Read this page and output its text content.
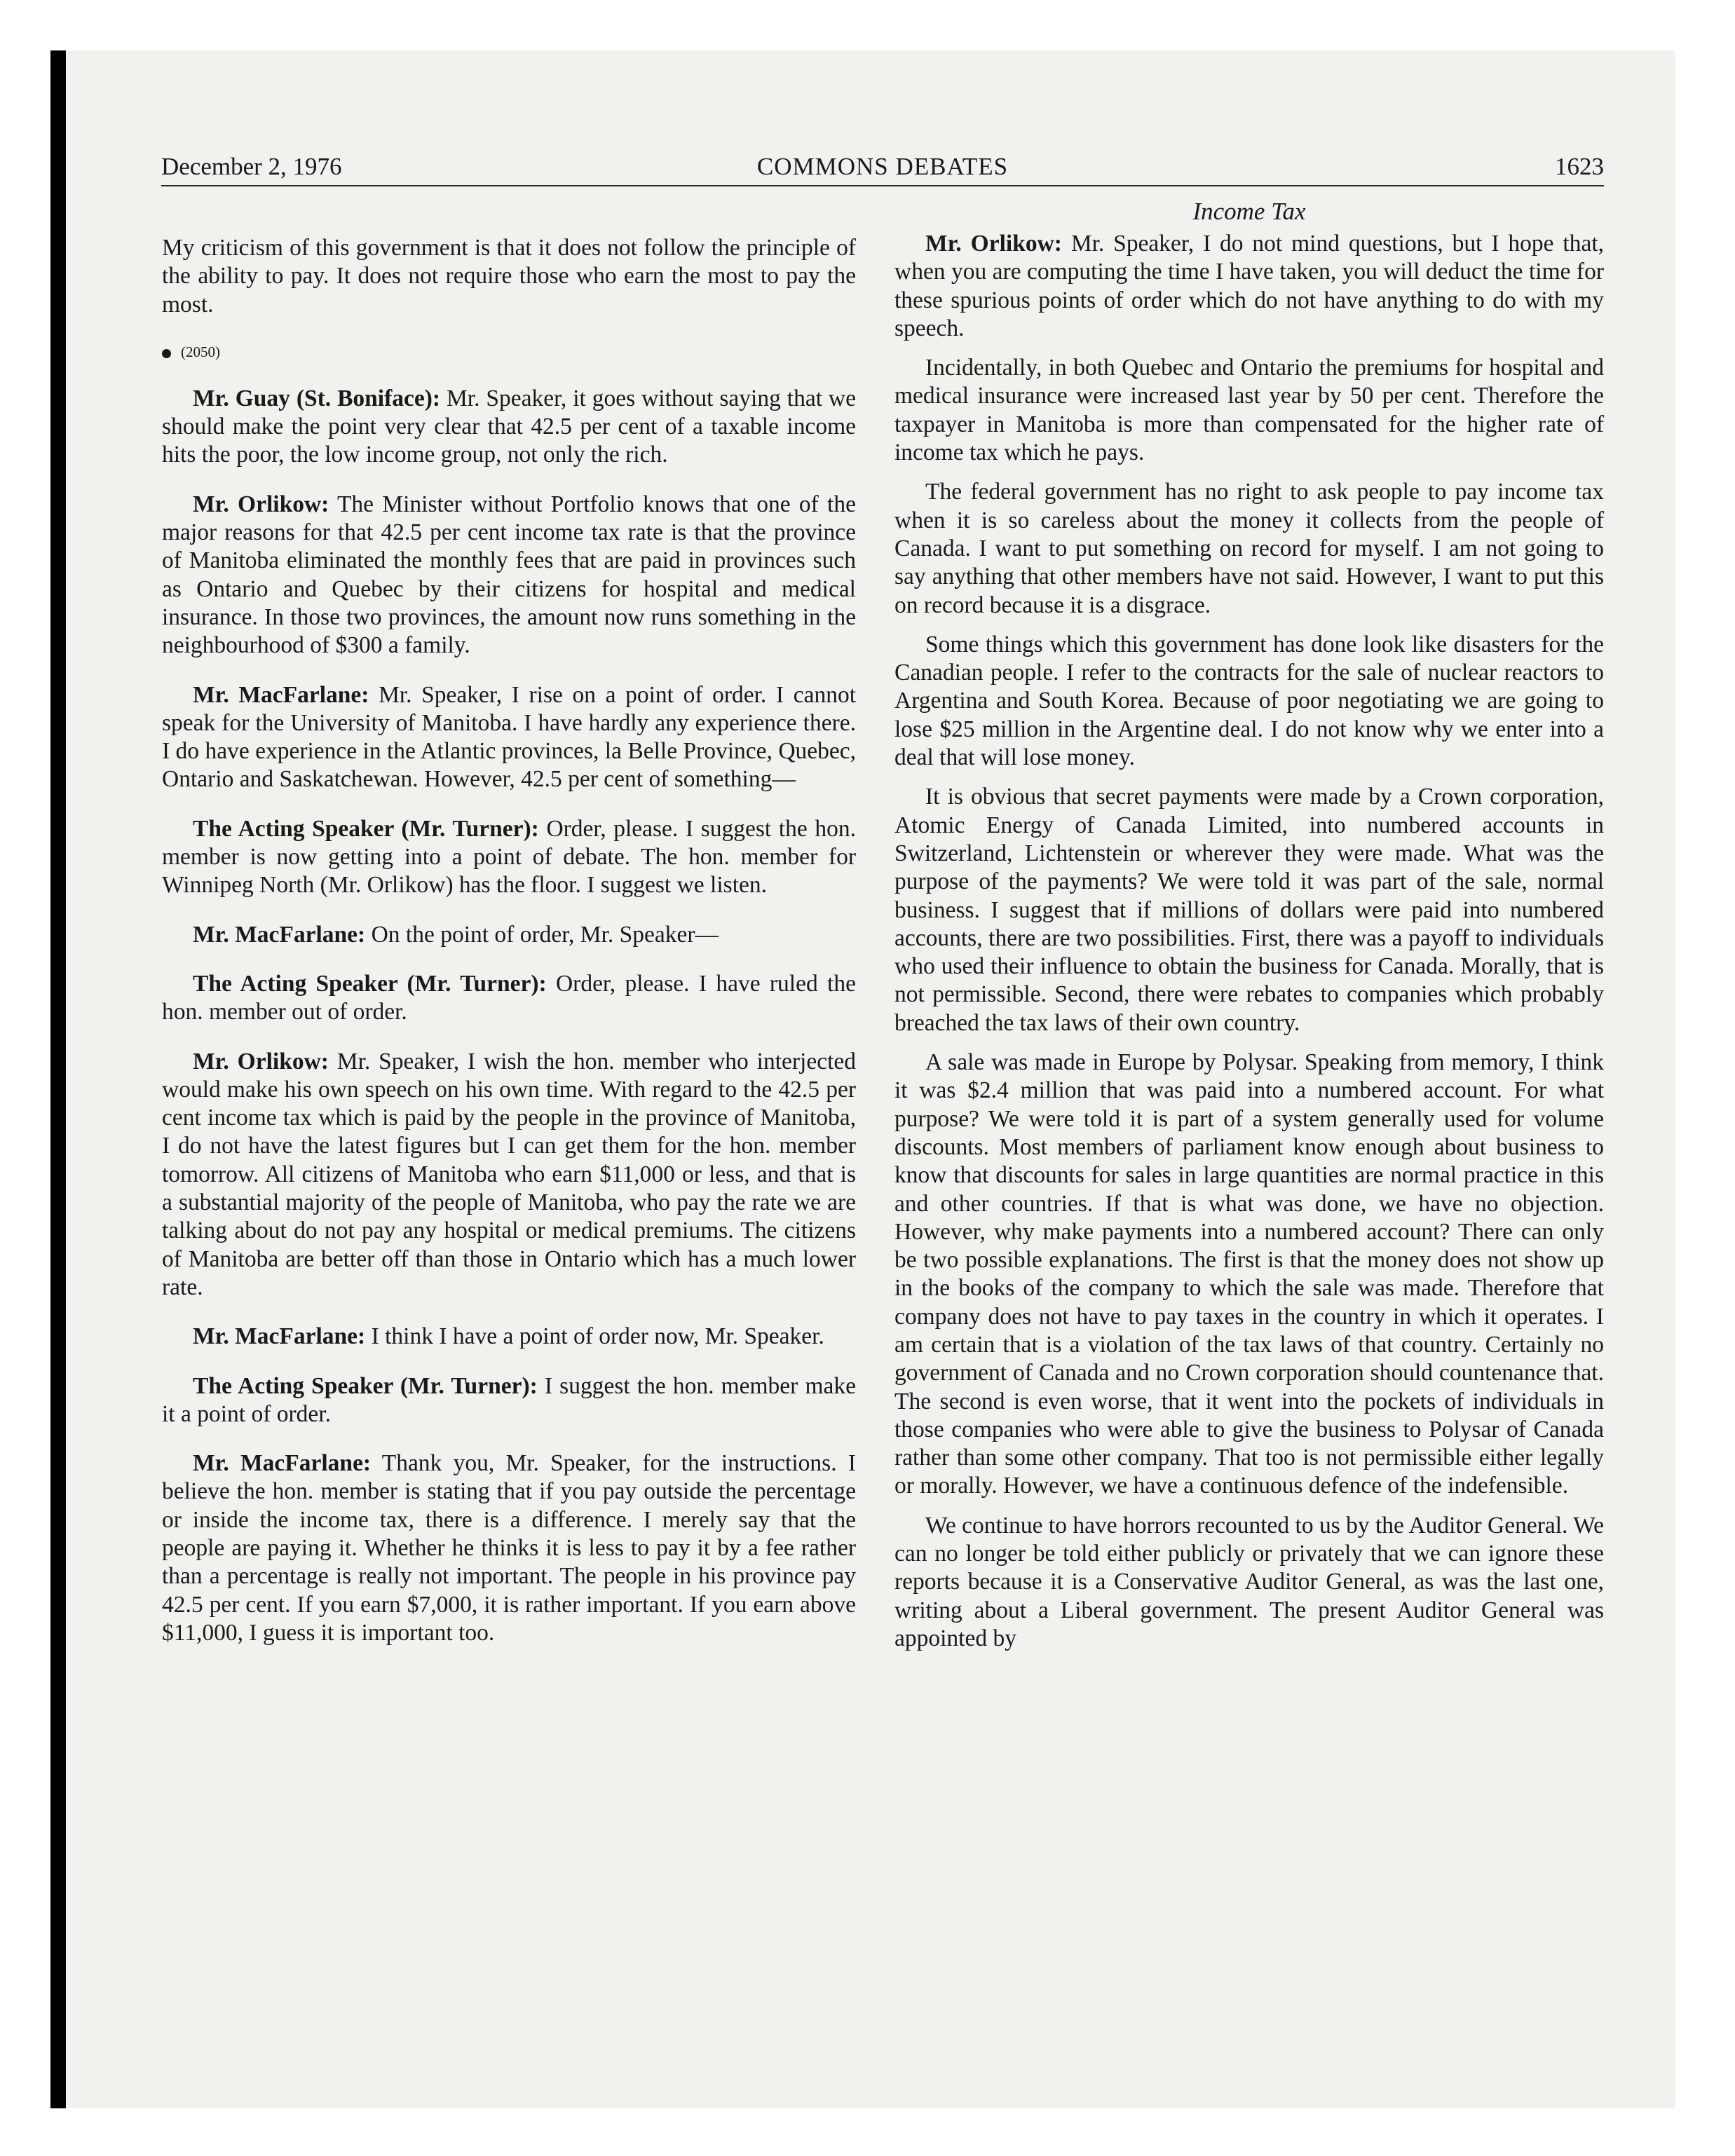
December 2, 1976	COMMONS DEBATES	1623

My criticism of this government is that it does not follow the principle of the ability to pay. It does not require those who earn the most to pay the most.

(2050)

Mr. Guay (St. Boniface): Mr. Speaker, it goes without saying that we should make the point very clear that 42.5 per cent of a taxable income hits the poor, the low income group, not only the rich.

Mr. Orlikow: The Minister without Portfolio knows that one of the major reasons for that 42.5 per cent income tax rate is that the province of Manitoba eliminated the monthly fees that are paid in provinces such as Ontario and Quebec by their citizens for hospital and medical insurance. In those two provinces, the amount now runs something in the neighbourhood of $300 a family.

Mr. MacFarlane: Mr. Speaker, I rise on a point of order. I cannot speak for the University of Manitoba. I have hardly any experience there. I do have experience in the Atlantic provinces, la Belle Province, Quebec, Ontario and Saskatchewan. However, 42.5 per cent of something—

The Acting Speaker (Mr. Turner): Order, please. I suggest the hon. member is now getting into a point of debate. The hon. member for Winnipeg North (Mr. Orlikow) has the floor. I suggest we listen.

Mr. MacFarlane: On the point of order, Mr. Speaker—

The Acting Speaker (Mr. Turner): Order, please. I have ruled the hon. member out of order.

Mr. Orlikow: Mr. Speaker, I wish the hon. member who interjected would make his own speech on his own time. With regard to the 42.5 per cent income tax which is paid by the people in the province of Manitoba, I do not have the latest figures but I can get them for the hon. member tomorrow. All citizens of Manitoba who earn $11,000 or less, and that is a substantial majority of the people of Manitoba, who pay the rate we are talking about do not pay any hospital or medical premiums. The citizens of Manitoba are better off than those in Ontario which has a much lower rate.

Mr. MacFarlane: I think I have a point of order now, Mr. Speaker.

The Acting Speaker (Mr. Turner): I suggest the hon. member make it a point of order.

Mr. MacFarlane: Thank you, Mr. Speaker, for the instructions. I believe the hon. member is stating that if you pay outside the percentage or inside the income tax, there is a difference. I merely say that the people are paying it. Whether he thinks it is less to pay it by a fee rather than a percentage is really not important. The people in his province pay 42.5 per cent. If you earn $7,000, it is rather important. If you earn above $11,000, I guess it is important too.

Income Tax

Mr. Orlikow: Mr. Speaker, I do not mind questions, but I hope that, when you are computing the time I have taken, you will deduct the time for these spurious points of order which do not have anything to do with my speech.

Incidentally, in both Quebec and Ontario the premiums for hospital and medical insurance were increased last year by 50 per cent. Therefore the taxpayer in Manitoba is more than compensated for the higher rate of income tax which he pays.

The federal government has no right to ask people to pay income tax when it is so careless about the money it collects from the people of Canada. I want to put something on record for myself. I am not going to say anything that other members have not said. However, I want to put this on record because it is a disgrace.

Some things which this government has done look like disasters for the Canadian people. I refer to the contracts for the sale of nuclear reactors to Argentina and South Korea. Because of poor negotiating we are going to lose $25 million in the Argentine deal. I do not know why we enter into a deal that will lose money.

It is obvious that secret payments were made by a Crown corporation, Atomic Energy of Canada Limited, into numbered accounts in Switzerland, Lichtenstein or wherever they were made. What was the purpose of the payments? We were told it was part of the sale, normal business. I suggest that if millions of dollars were paid into numbered accounts, there are two possibilities. First, there was a payoff to individuals who used their influence to obtain the business for Canada. Morally, that is not permissible. Second, there were rebates to companies which probably breached the tax laws of their own country.

A sale was made in Europe by Polysar. Speaking from memory, I think it was $2.4 million that was paid into a numbered account. For what purpose? We were told it is part of a system generally used for volume discounts. Most members of parliament know enough about business to know that discounts for sales in large quantities are normal practice in this and other countries. If that is what was done, we have no objection. However, why make payments into a numbered account? There can only be two possible explanations. The first is that the money does not show up in the books of the company to which the sale was made. Therefore that company does not have to pay taxes in the country in which it operates. I am certain that is a violation of the tax laws of that country. Certainly no government of Canada and no Crown corporation should countenance that. The second is even worse, that it went into the pockets of individuals in those companies who were able to give the business to Polysar of Canada rather than some other company. That too is not permissible either legally or morally. However, we have a continuous defence of the indefensible.

We continue to have horrors recounted to us by the Auditor General. We can no longer be told either publicly or privately that we can ignore these reports because it is a Conservative Auditor General, as was the last one, writing about a Liberal government. The present Auditor General was appointed by
